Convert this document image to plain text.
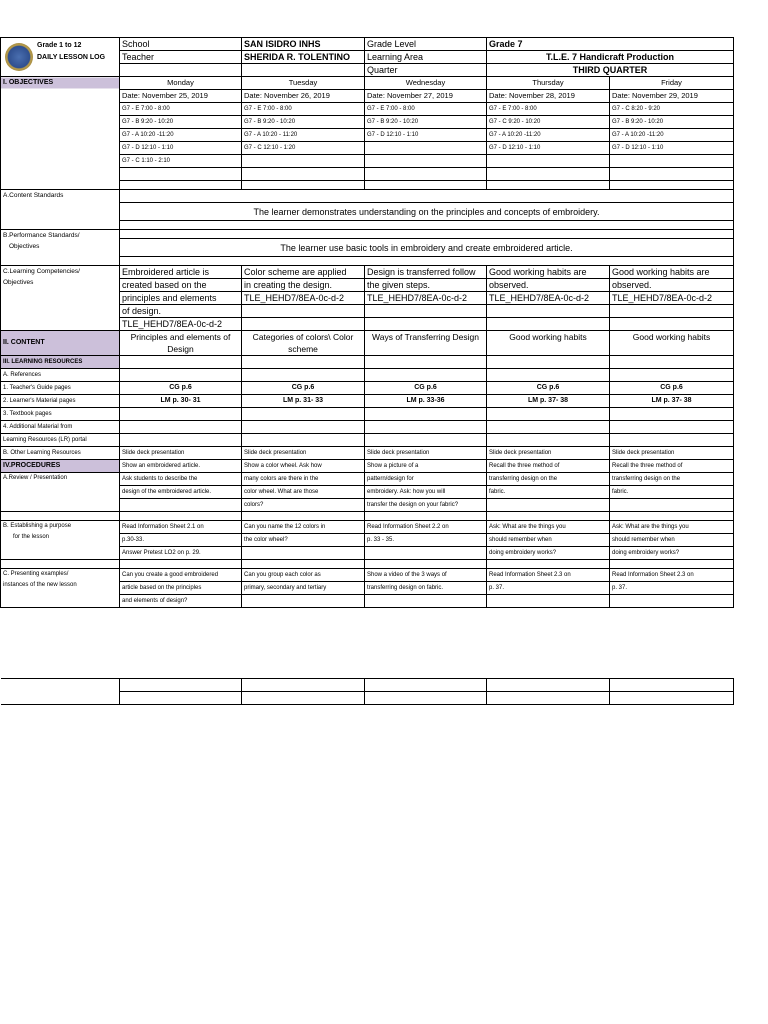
Grade 1 to 12
DAILY LESSON LOG	School	SAN ISIDRO INHS	Grade Level	Grade 7	
	Teacher	SHERIDA R. TOLENTINO	Learning Area	T.L.E. 7 Handicraft Production	
			Quarter	THIRD QUARTER	
I. OBJECTIVES	Monday	Tuesday	Wednesday	Thursday	Friday
	Date: November 25, 2019	Date: November 26, 2019	Date: November 27, 2019	Date: November 28, 2019	Date: November 29, 2019
	G7 - E 7:00 - 8:00	G7 - E 7:00 - 8:00	G7 - E 7:00 - 8:00	G7 - E 7:00 - 8:00	G7 - C 8:20 - 9:20
	G7 - B 9:20 - 10:20	G7 - B 9:20 - 10:20	G7 - B 9:20 - 10:20	G7 - C 9:20 - 10:20	G7 - B 9:20 - 10:20
	G7 - A 10:20 -11:20	G7 - A 10:20 - 11:20	G7 - D 12:10 - 1:10	G7 - A 10:20 -11:20	G7 - A 10:20 -11:20
	G7 - D 12:10 - 1:10	G7 - C 12:10 - 1:20		G7 - D 12:10 - 1:10	G7 - D 12:10 - 1:10
	G7 - C 1:10 - 2:10				

A.Content Standards					
	The learner demonstrates understanding on the principles and concepts of embroidery.				

B.Performance Standards/
Objectives					

	The learner use basic tools in embroidery and create embroidered article.				

C.Learning Competencies/
Objectives	Embroidered article is	Color scheme are applied	Design is transferred follow	Good working habits are	Good working habits are
	created based on the	in creating the design.	the given steps.	observed.	observed.
	principles and elements	TLE_HEHD7/8EA-0c-d-2	TLE_HEHD7/8EA-0c-d-2	TLE_HEHD7/8EA-0c-d-2	TLE_HEHD7/8EA-0c-d-2
	of design.				
	TLE_HEHD7/8EA-0c-d-2				
II. CONTENT	Principles and elements of Design	Categories of colors\ Color scheme	Ways of Transferring Design	Good working habits	Good working habits
III. LEARNING RESOURCES					
A. References					
1. Teacher's Guide pages	CG p.6	CG p.6	CG p.6	CG p.6	CG p.6
2. Learner's Material pages	LM p. 30- 31	LM p. 31- 33	LM p. 33-36	LM p. 37- 38	LM p. 37- 38
3. Textbook pages					
4. Additional Material from					
Learning Resources (LR) portal					
B. Other Learning Resources	Slide deck presentation	Slide deck presentation	Slide deck presentation	Slide deck presentation	Slide deck presentation
IV.PROCEDURES	Show an embroidered article.	Show a color wheel. Ask how	Show a picture of a	Recall the three method of	Recall the three method of
A.Review / Presentation	Ask students to describe the	many colors are there in the	pattern/design for	transferring design on the	transferring design on the
	design of the embroidered article.	color wheel. What are those	embroidery. Ask: how you will	fabric.	fabric.
		colors?	transfer the design on your fabric?		

B. Establishing a purpose
for the lesson	Read Information Sheet 2.1 on	Can you name the 12 colors in	Read Information Sheet 2.2 on	Ask: What are the things you	Ask: What are the things you
	p.30-33.	the color wheel?	p. 33 - 35.	should remember when	should remember when
	Answer Pretest LO2 on p. 29.			doing embroidery works?	doing embroidery works?

C. Presenting examples/
instances of the new lesson	Can you create a good embroidered	Can you group each color as	Show a video of the 3 ways of	Read Information Sheet 2.3 on	Read Information Sheet 2.3 on
	article based on the principles	primary, secondary and tertiary	transferring design on fabric.	p. 37.	p. 37.
	and elements of design?				
